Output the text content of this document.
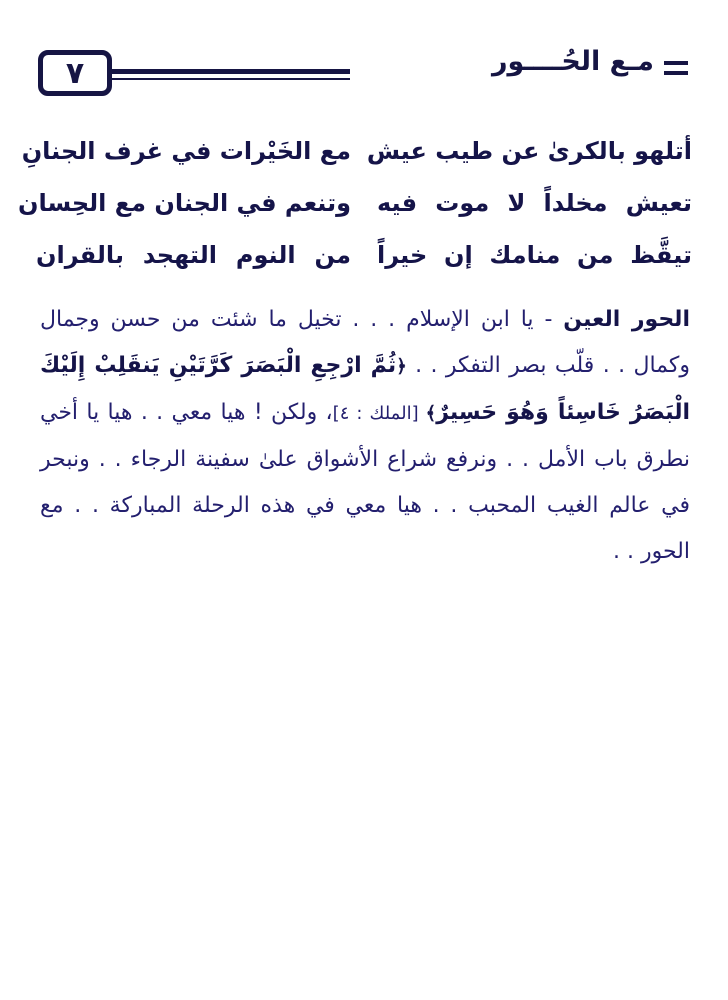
٧	مـع الحُــــور
أتلهو بالكرىٰ عن طيب عيش
مع الخَيْرات في غرف الجنانِ
تعيش مخلداً لا موت فيه
وتنعم في الجنان مع الحِسان
تيقَّظ من منامك إن خيراً
من النوم التهجد بالقران

الحور العين - يا ابن الإسلام . . . تخيل ما شئت من حسن وجمال وكمال . . قلّب بصر التفكر . . ﴿ثُمَّ ارْجِعِ الْبَصَرَ كَرَّتَيْنِ يَنقَلِبْ إِلَيْكَ الْبَصَرُ خَاسِئاً وَهُوَ حَسِيرٌ﴾ [الملك : ٤]، ولكن ! هيا معي . . هيا يا أخي نطرق باب الأمل . . ونرفع شراع الأشواق علىٰ سفينة الرجاء . . ونبحر في عالم الغيب المحبب . . هيا معي في هذه الرحلة المباركة . . مع الحور . .
